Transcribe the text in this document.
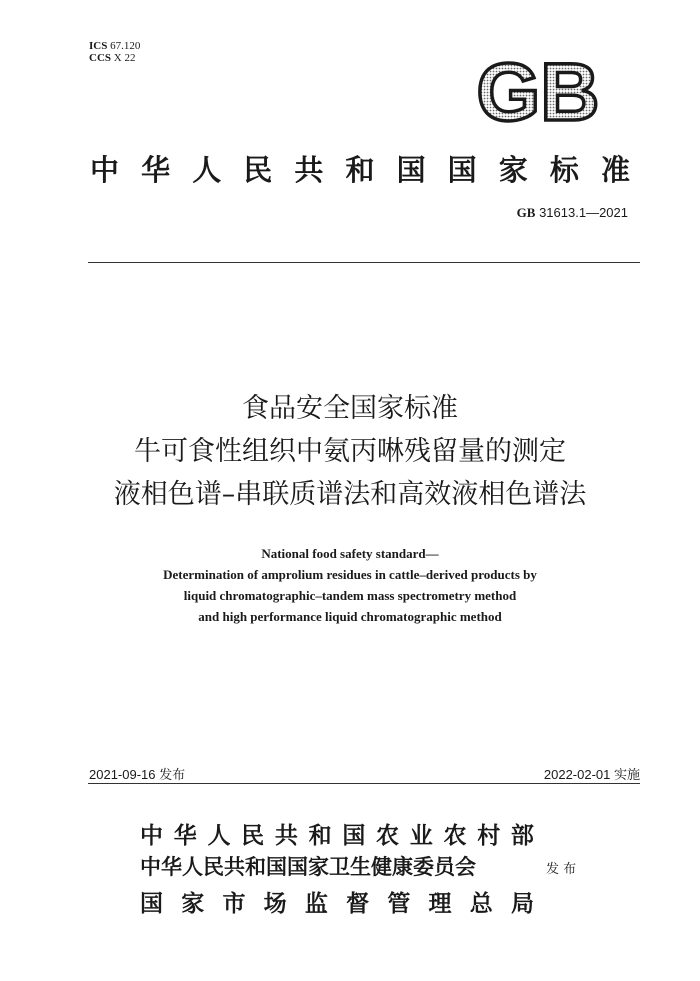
ICS 67.120
CCS X 22	GB
中 华 人 民 共 和 国 国 家 标 准
GB 31613.1—2021
食品安全国家标准
牛可食性组织中氨丙啉残留量的测定
液相色谱–串联质谱法和高效液相色谱法
National food safety standard—
Determination of amprolium residues in cattle–derived products by
liquid chromatographic–tandem mass spectrometry method
and high performance liquid chromatographic method
2021-09-16 发布	2022-02-01 实施
中 华 人 民 共 和 国 农 业 农 村 部
中华人民共和国国家卫生健康委员会	发 布
国 家 市 场 监 督 管 理 总 局
